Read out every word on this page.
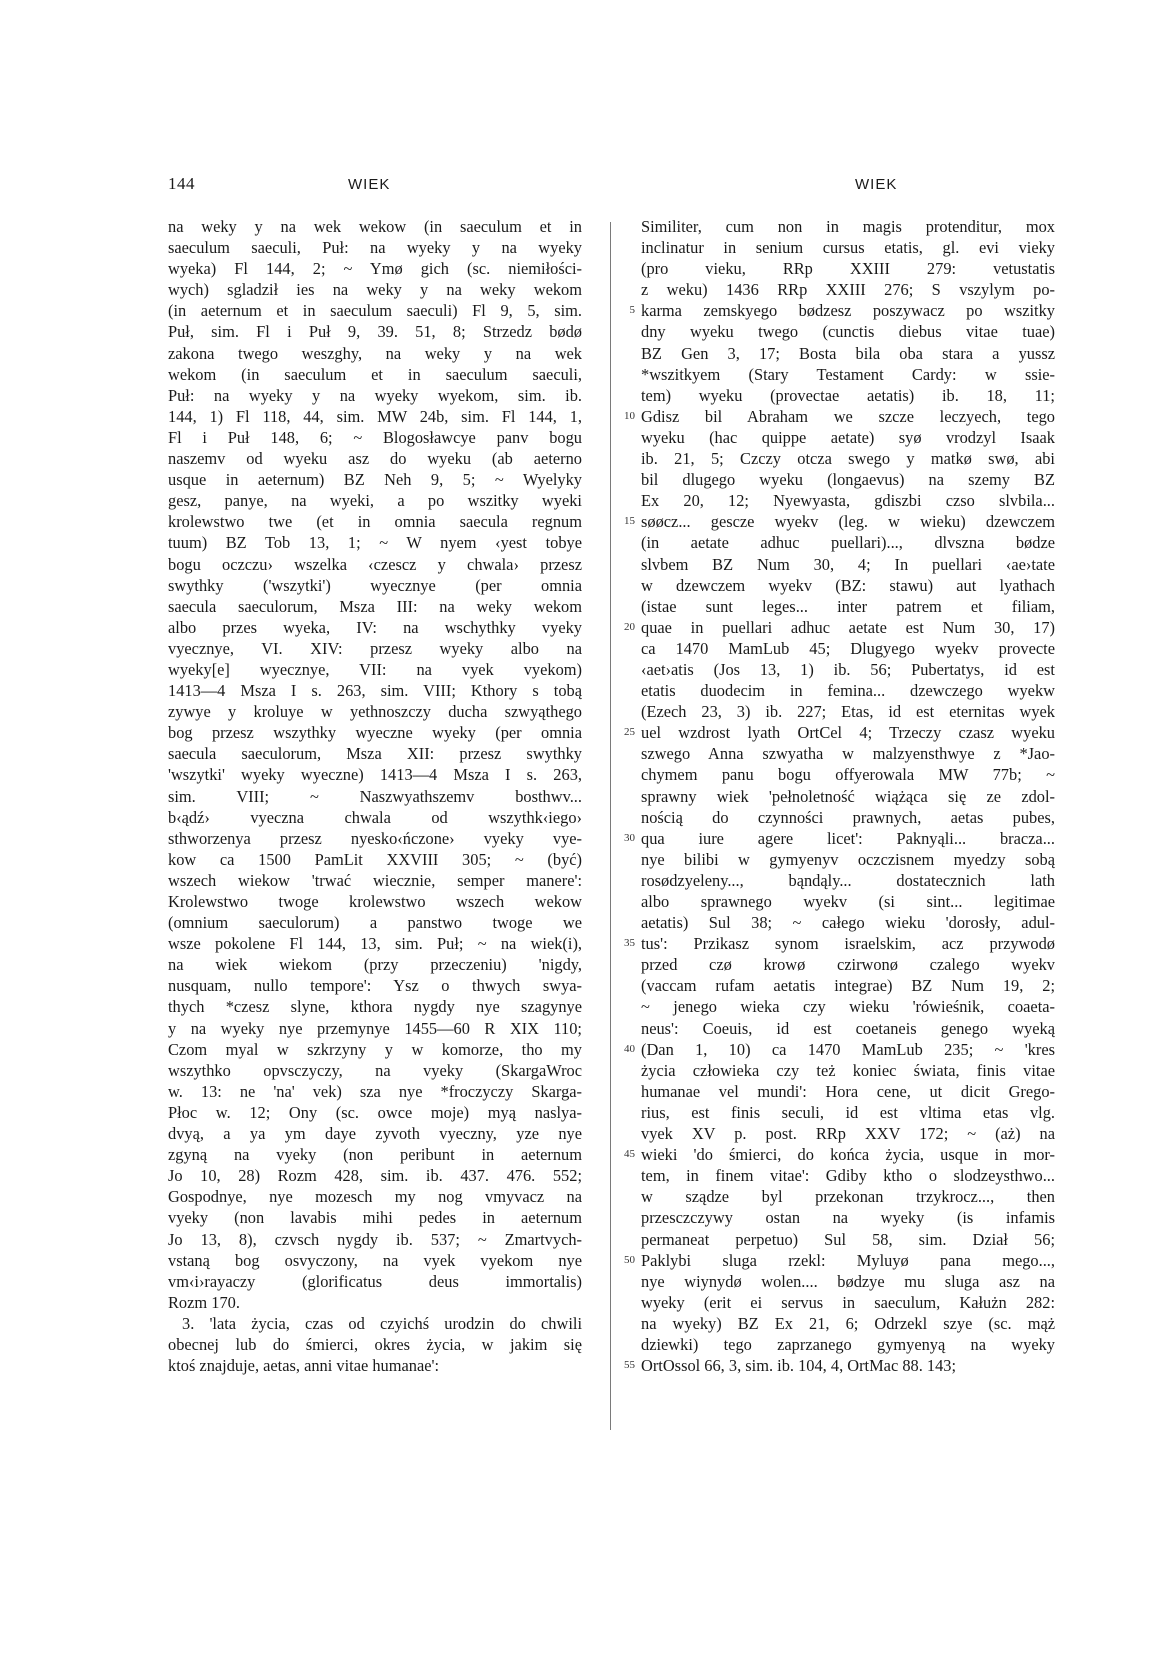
144	WIEK	WIEK
na weky y na wek wekow (in saeculum et in
saeculum saeculi, Puł: na wyeky y na wyeky
wyeka) Fl 144, 2; ~ Ymø gich (sc. niemiłości-
wych) sgladził ies na weky y na weky wekom
(in aeternum et in saeculum saeculi) Fl 9, 5, sim.
Puł, sim. Fl i Puł 9, 39. 51, 8; Strzedz bødø
zakona twego weszghy, na weky y na wek
wekom (in saeculum et in saeculum saeculi,
Puł: na wyeky y na wyeky wyekom, sim. ib.
144, 1) Fl 118, 44, sim. MW 24b, sim. Fl 144, 1,
Fl i Puł 148, 6; ~ Blogosławcye panv bogu
naszemv od wyeku asz do wyeku (ab aeterno
usque in aeternum) BZ Neh 9, 5; ~ Wyelyky
gesz, panye, na wyeki, a po wszitky wyeki
krolewstwo twe (et in omnia saecula regnum
tuum) BZ Tob 13, 1; ~ W nyem ‹yest tobye
bogu oczczu› wszelka ‹czescz y chwala› przesz
swythky ('wszytki') wyecznye (per omnia
saecula saeculorum, Msza III: na weky wekom
albo przes wyeka, IV: na wschythky vyeky
vyecznye, VI. XIV: przesz wyeky albo na
wyeky[e] wyecznye, VII: na vyek vyekom)
1413—4 Msza I s. 263, sim. VIII; Kthory s tobą
zywye y kroluye w yethnoszczy ducha szwyąthego
bog przesz wszythky wyeczne wyeky (per omnia
saecula saeculorum, Msza XII: przesz swythky
'wszytki' wyeky wyeczne) 1413—4 Msza I s. 263,
sim. VIII; ~ Naszwyathszemv bosthwv...
b‹ądź› vyeczna chwala od wszythk‹iego›
sthworzenya przesz nyesko‹ńczone› vyeky vye-
kow ca 1500 PamLit XXVIII 305; ~ (być)
wszech wiekow 'trwać wiecznie, semper manere':
Krolewstwo twoge krolewstwo wszech wekow
(omnium saeculorum) a panstwo twoge we
wsze pokolene Fl 144, 13, sim. Puł; ~ na wiek(i),
na wiek wiekom (przy przeczeniu) 'nigdy,
nusquam, nullo tempore': Ysz o thwych swya-
thych *czesz slyne, kthora nygdy nye szagynye
y na wyeky nye przemynye 1455—60 R XIX 110;
Czom myal w szkrzyny y w komorze, tho my
wszythko opvsczyczy, na vyeky (SkargaWroc
w. 13: ne 'na' vek) sza nye *froczyczy Skarga-
Płoc w. 12; Ony (sc. owce moje) myą naslya-
dvyą, a ya ym daye zyvoth vyeczny, yze nye
zgyną na vyeky (non peribunt in aeternum
Jo 10, 28) Rozm 428, sim. ib. 437. 476. 552;
Gospodnye, nye mozesch my nog vmyvacz na
vyeky (non lavabis mihi pedes in aeternum
Jo 13, 8), czvsch nygdy ib. 537; ~ Zmartvych-
vstaną bog osvyczony, na vyek vyekom nye
vm‹i›rayaczy (glorificatus deus immortalis)
Rozm 170.
3. 'lata życia, czas od czyichś urodzin do chwili
obecnej lub do śmierci, okres życia, w jakim się
ktoś znajduje, aetas, anni vitae humanae':
Similiter, cum non in magis protenditur, mox
inclinatur in senium cursus etatis, gl. evi vieky
(pro vieku, RRp XXIII 279: vetustatis
z weku) 1436 RRp XXIII 276; S vszylym po-
karma zemskyego bødzesz poszywacz po wszitky
dny wyeku twego (cunctis diebus vitae tuae)
BZ Gen 3, 17; Bosta bila oba stara a yussz
*wszitkyem (Stary Testament Cardy: w ssie-
tem) wyeku (provectae aetatis) ib. 18, 11;
Gdisz bil Abraham we szcze leczyech, tego
wyeku (hac quippe aetate) syø vrodzyl Isaak
ib. 21, 5; Czczy otcza swego y matkø swø, abi
bil dlugego wyeku (longaevus) na szemy BZ
Ex 20, 12; Nyewyasta, gdiszbi czso slvbila...
søøcz... gescze wyekv (leg. w wieku) dzewczem
(in aetate adhuc puellari)..., dlvszna bødze
slvbem BZ Num 30, 4; In puellari ‹ae›tate
w dzewczem wyekv (BZ: stawu) aut lyathach
(istae sunt leges... inter patrem et filiam,
quae in puellari adhuc aetate est Num 30, 17)
ca 1470 MamLub 45; Dlugyego wyekv provecte
‹aet›atis (Jos 13, 1) ib. 56; Pubertatys, id est
etatis duodecim in femina... dzewczego wyekw
(Ezech 23, 3) ib. 227; Etas, id est eternitas wyek
uel wzdrost lyath OrtCel 4; Trzeczy czasz wyeku
szwego Anna szwyatha w malzyensthwye z *Jao-
chymem panu bogu offyerowala MW 77b; ~
sprawny wiek 'pełnoletność wiążąca się ze zdol-
nością do czynności prawnych, aetas pubes,
qua iure agere licet': Paknyąli... bracza...
nye bilibi w gymyenyv oczczisnem myedzy sobą
rosødzyeleny..., bąndąly... dostatecznich lath
albo sprawnego wyekv (si sint... legitimae
aetatis) Sul 38; ~ całego wieku 'dorosły, adul-
tus': Przikasz synom israelskim, acz przywodø
przed czø krowø czirwonø czalego wyekv
(vaccam rufam aetatis integrae) BZ Num 19, 2;
~ jenego wieka czy wieku 'rówieśnik, coaeta-
neus': Coeuis, id est coetaneis genego wyeką
(Dan 1, 10) ca 1470 MamLub 235; ~ 'kres
życia człowieka czy też koniec świata, finis vitae
humanae vel mundi': Hora cene, ut dicit Grego-
rius, est finis seculi, id est vltima etas vlg.
vyek XV p. post. RRp XXV 172; ~ (aż) na
wieki 'do śmierci, do końca życia, usque in mor-
tem, in finem vitae': Gdiby ktho o slodzeysthwo...
w sządze byl przekonan trzykrocz..., then
przesczczywy ostan na wyeky (is infamis
permaneat perpetuo) Sul 58, sim. Dział 56;
Paklybi sluga rzekl: Myluyø pana mego...,
nye wiynydø wolen.... bødzye mu sluga asz na
wyeky (erit ei servus in saeculum, Kałużn 282:
na wyeky) BZ Ex 21, 6; Odrzekl szye (sc. mąż
dziewki) tego zaprzanego gymyenyą na wyeky
OrtOssol 66, 3, sim. ib. 104, 4, OrtMac 88. 143;
5
10
15
20
25
30
35
40
45
50
55
